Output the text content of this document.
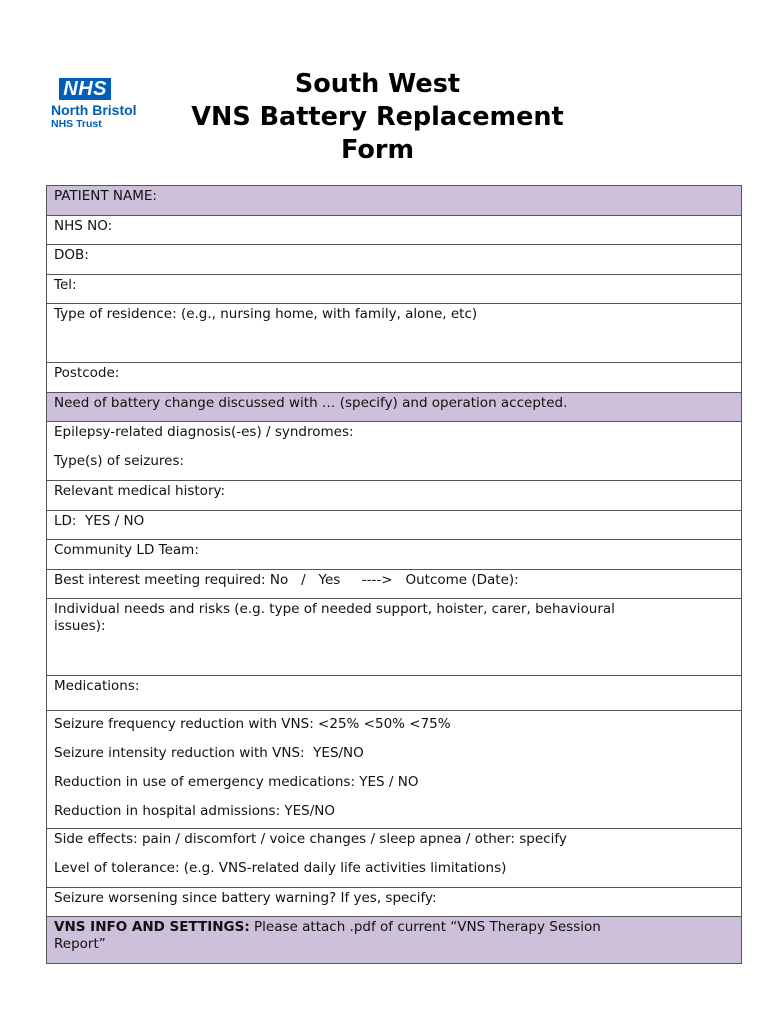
NHS
North Bristol
NHS Trust
South West
VNS Battery Replacement
Form
PATIENT NAME:

NHS NO:

DOB:

Tel:

Type of residence: (e.g., nursing home, with family, alone, etc)

Postcode:

Need of battery change discussed with … (specify) and operation accepted.

Epilepsy-related diagnosis(-es) / syndromes:
Type(s) of seizures:

Relevant medical history:

LD:  YES / NO

Community LD Team:

Best interest meeting required: No   /   Yes     ---->   Outcome (Date):

Individual needs and risks (e.g. type of needed support, hoister, carer, behavioural
issues):

Medications:

Seizure frequency reduction with VNS: <25% <50% <75%
Seizure intensity reduction with VNS:  YES/NO
Reduction in use of emergency medications: YES / NO
Reduction in hospital admissions: YES/NO

Side effects: pain / discomfort / voice changes / sleep apnea / other: specify
Level of tolerance: (e.g. VNS-related daily life activities limitations)

Seizure worsening since battery warning? If yes, specify:

VNS INFO AND SETTINGS: Please attach .pdf of current “VNS Therapy Session
Report”
